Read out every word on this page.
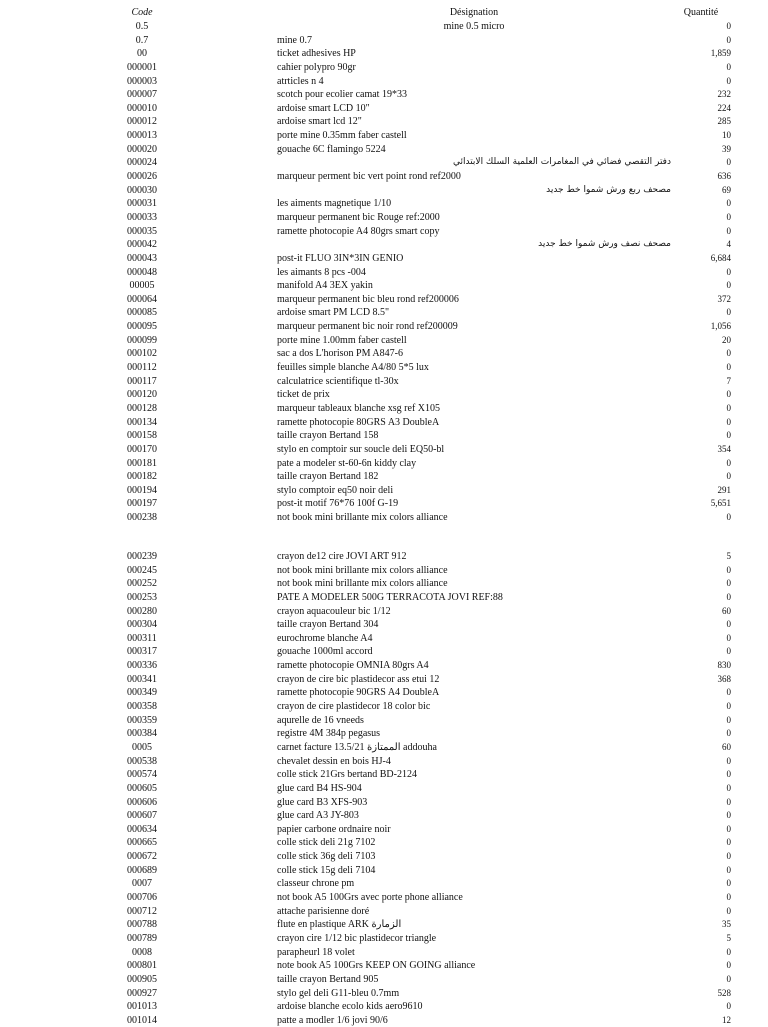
Code	Désignation	Quantité
0.5	mine 0.5 micro	0
0.7	mine 0.7	0
00	ticket adhesives HP	1,859
000001	cahier polypro 90gr	0
000003	atrticles n 4	0
000007	scotch pour ecolier camat 19*33	232
000010	ardoise smart LCD 10"	224
000012	ardoise smart lcd 12"	285
000013	porte mine 0.35mm faber castell	10
000020	gouache 6C flamingo 5224	39
000024	دفتر التقصي فضائي في المغامرات العلمية السلك الابتدائي	0
000026	marqueur perment bic vert point rond ref2000	636
000030	مصحف ربع ورش شموا خط جديد	69
000031	les aiments magnetique 1/10	0
000033	marqueur permanent bic Rouge ref:2000	0
000035	ramette photocopie A4 80grs smart copy	0
000042	مصحف نصف ورش شموا خط جديد	4
000043	post-it FLUO 3IN*3IN GENIO	6,684
000048	les aimants 8 pcs -004	0
00005	manifold A4 3EX yakin	0
000064	marqueur permanent bic bleu rond ref200006	372
000085	ardoise smart PM LCD 8.5"	0
000095	marqueur permanent bic noir rond ref200009	1,056
000099	porte mine 1.00mm faber castell	20
000102	sac a dos L'horison PM A847-6	0
000112	feuilles simple blanche A4/80 5*5 lux	0
000117	calculatrice scientifique tl-30x	7
000120	ticket de prix	0
000128	marqueur tableaux blanche xsg ref X105	0
000134	ramette photocopie 80GRS A3 DoubleA	0
000158	taille crayon Bertand 158	0
000170	stylo en comptoir sur soucle deli EQ50-bl	354
000181	pate a modeler st-60-6n kiddy clay	0
000182	taille crayon Bertand 182	0
000194	stylo comptoir eq50 noir deli	291
000197	post-it motif 76*76 100f G-19	5,651
000238	not book mini brillante mix colors alliance	0
000239	crayon de12 cire JOVI ART 912	5
000245	not book mini brillante mix colors alliance	0
000252	not book mini brillante mix colors alliance	0
000253	PATE A MODELER 500G TERRACOTA JOVI REF:88	0
000280	crayon aquacouleur bic 1/12	60
000304	taille crayon Bertand 304	0
000311	eurochrome blanche A4	0
000317	gouache 1000ml accord	0
000336	ramette photocopie OMNIA 80grs A4	830
000341	crayon de cire bic plastidecor ass etui 12	368
000349	ramette photocopie 90GRS A4 DoubleA	0
000358	crayon de cire plastidecor 18 color bic	0
000359	aqurelle de 16 vneeds	0
000384	registre 4M 384p pegasus	0
0005	carnet facture 13.5/21 الممتازة addouha	60
000538	chevalet dessin en bois HJ-4	0
000574	colle stick 21Grs bertand BD-2124	0
000605	glue card B4 HS-904	0
000606	glue card B3 XFS-903	0
000607	glue card A3 JY-803	0
000634	papier carbone ordnaire noir	0
000665	colle stick deli 21g 7102	0
000672	colle stick 36g deli 7103	0
000689	colle stick 15g deli 7104	0
0007	classeur chrone pm	0
000706	not book A5 100Grs avec porte phone alliance	0
000712	attache parisienne doré	0
000788	flute en plastique ARK الزمارة	35
000789	crayon cire 1/12 bic plastidecor triangle	5
0008	parapheurl 18 volet	0
000801	note book A5 100Grs KEEP ON GOING alliance	0
000905	taille crayon Bertand 905	0
000927	stylo gel deli G11-bleu 0.7mm	528
001013	ardoise blanche ecolo kids aero9610	0
001014	patte a modler 1/6 jovi 90/6	12
